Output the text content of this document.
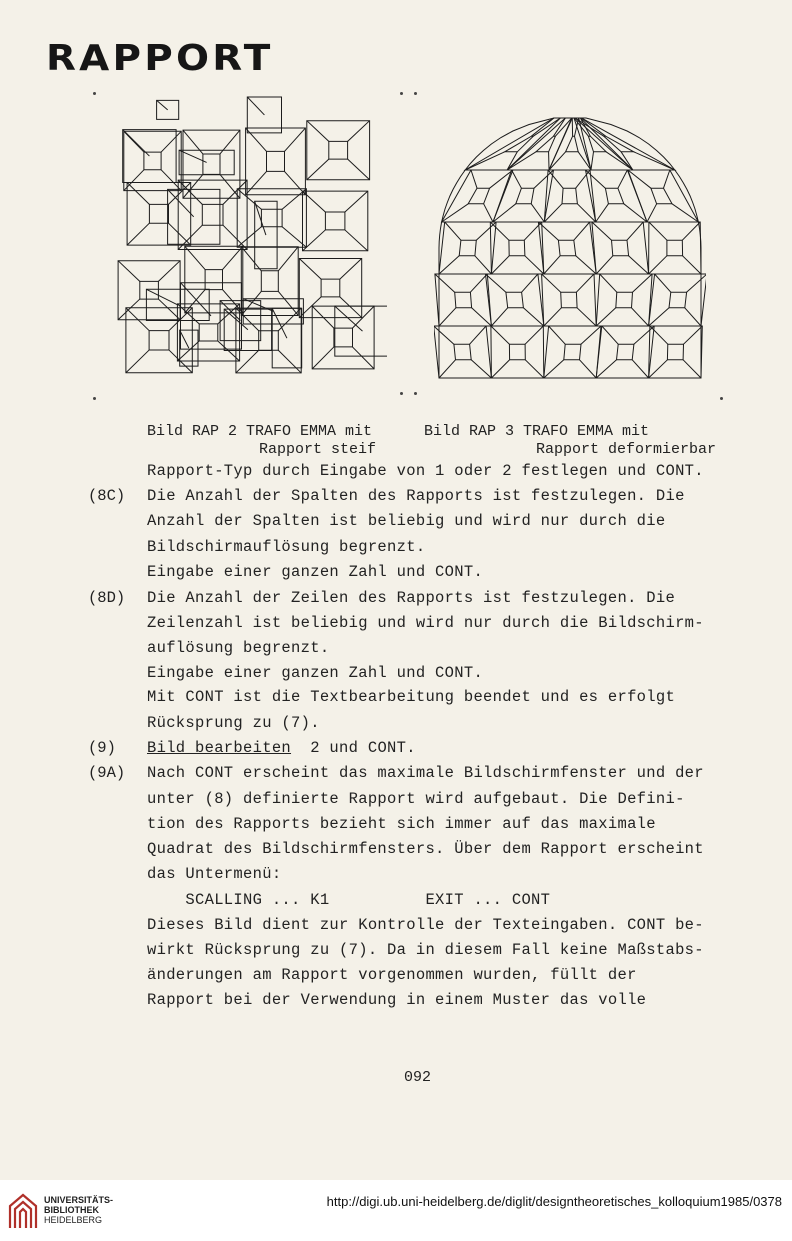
RAPPORT
Bild RAP 2 TRAFO EMMA mit
Rapport steif
Bild RAP 3 TRAFO EMMA mit
Rapport deformierbar
Rapport-Typ durch Eingabe von 1 oder 2 festlegen und CONT.
(8C) Die Anzahl der Spalten des Rapports ist festzulegen. Die
Anzahl der Spalten ist beliebig und wird nur durch die
Bildschirmauflösung begrenzt.
Eingabe einer ganzen Zahl und CONT.
(8D) Die Anzahl der Zeilen des Rapports ist festzulegen. Die
Zeilenzahl ist beliebig und wird nur durch die Bildschirm-
auflösung begrenzt.
Eingabe einer ganzen Zahl und CONT.
Mit CONT ist die Textbearbeitung beendet und es erfolgt
Rücksprung zu (7).
(9) Bild bearbeiten  2 und CONT.
(9A) Nach CONT erscheint das maximale Bildschirmfenster und der
unter (8) definierte Rapport wird aufgebaut. Die Defini-
tion des Rapports bezieht sich immer auf das maximale
Quadrat des Bildschirmfensters. Über dem Rapport erscheint
das Untermenü:
SCALLING ... K1          EXIT ... CONT
Dieses Bild dient zur Kontrolle der Texteingaben. CONT be-
wirkt Rücksprung zu (7). Da in diesem Fall keine Maßstabs-
änderungen am Rapport vorgenommen wurden, füllt der
Rapport bei der Verwendung in einem Muster das volle
092
UNIVERSITÄTS-
BIBLIOTHEK
HEIDELBERG
http://digi.ub.uni-heidelberg.de/diglit/designtheoretisches_kolloquium1985/0378
